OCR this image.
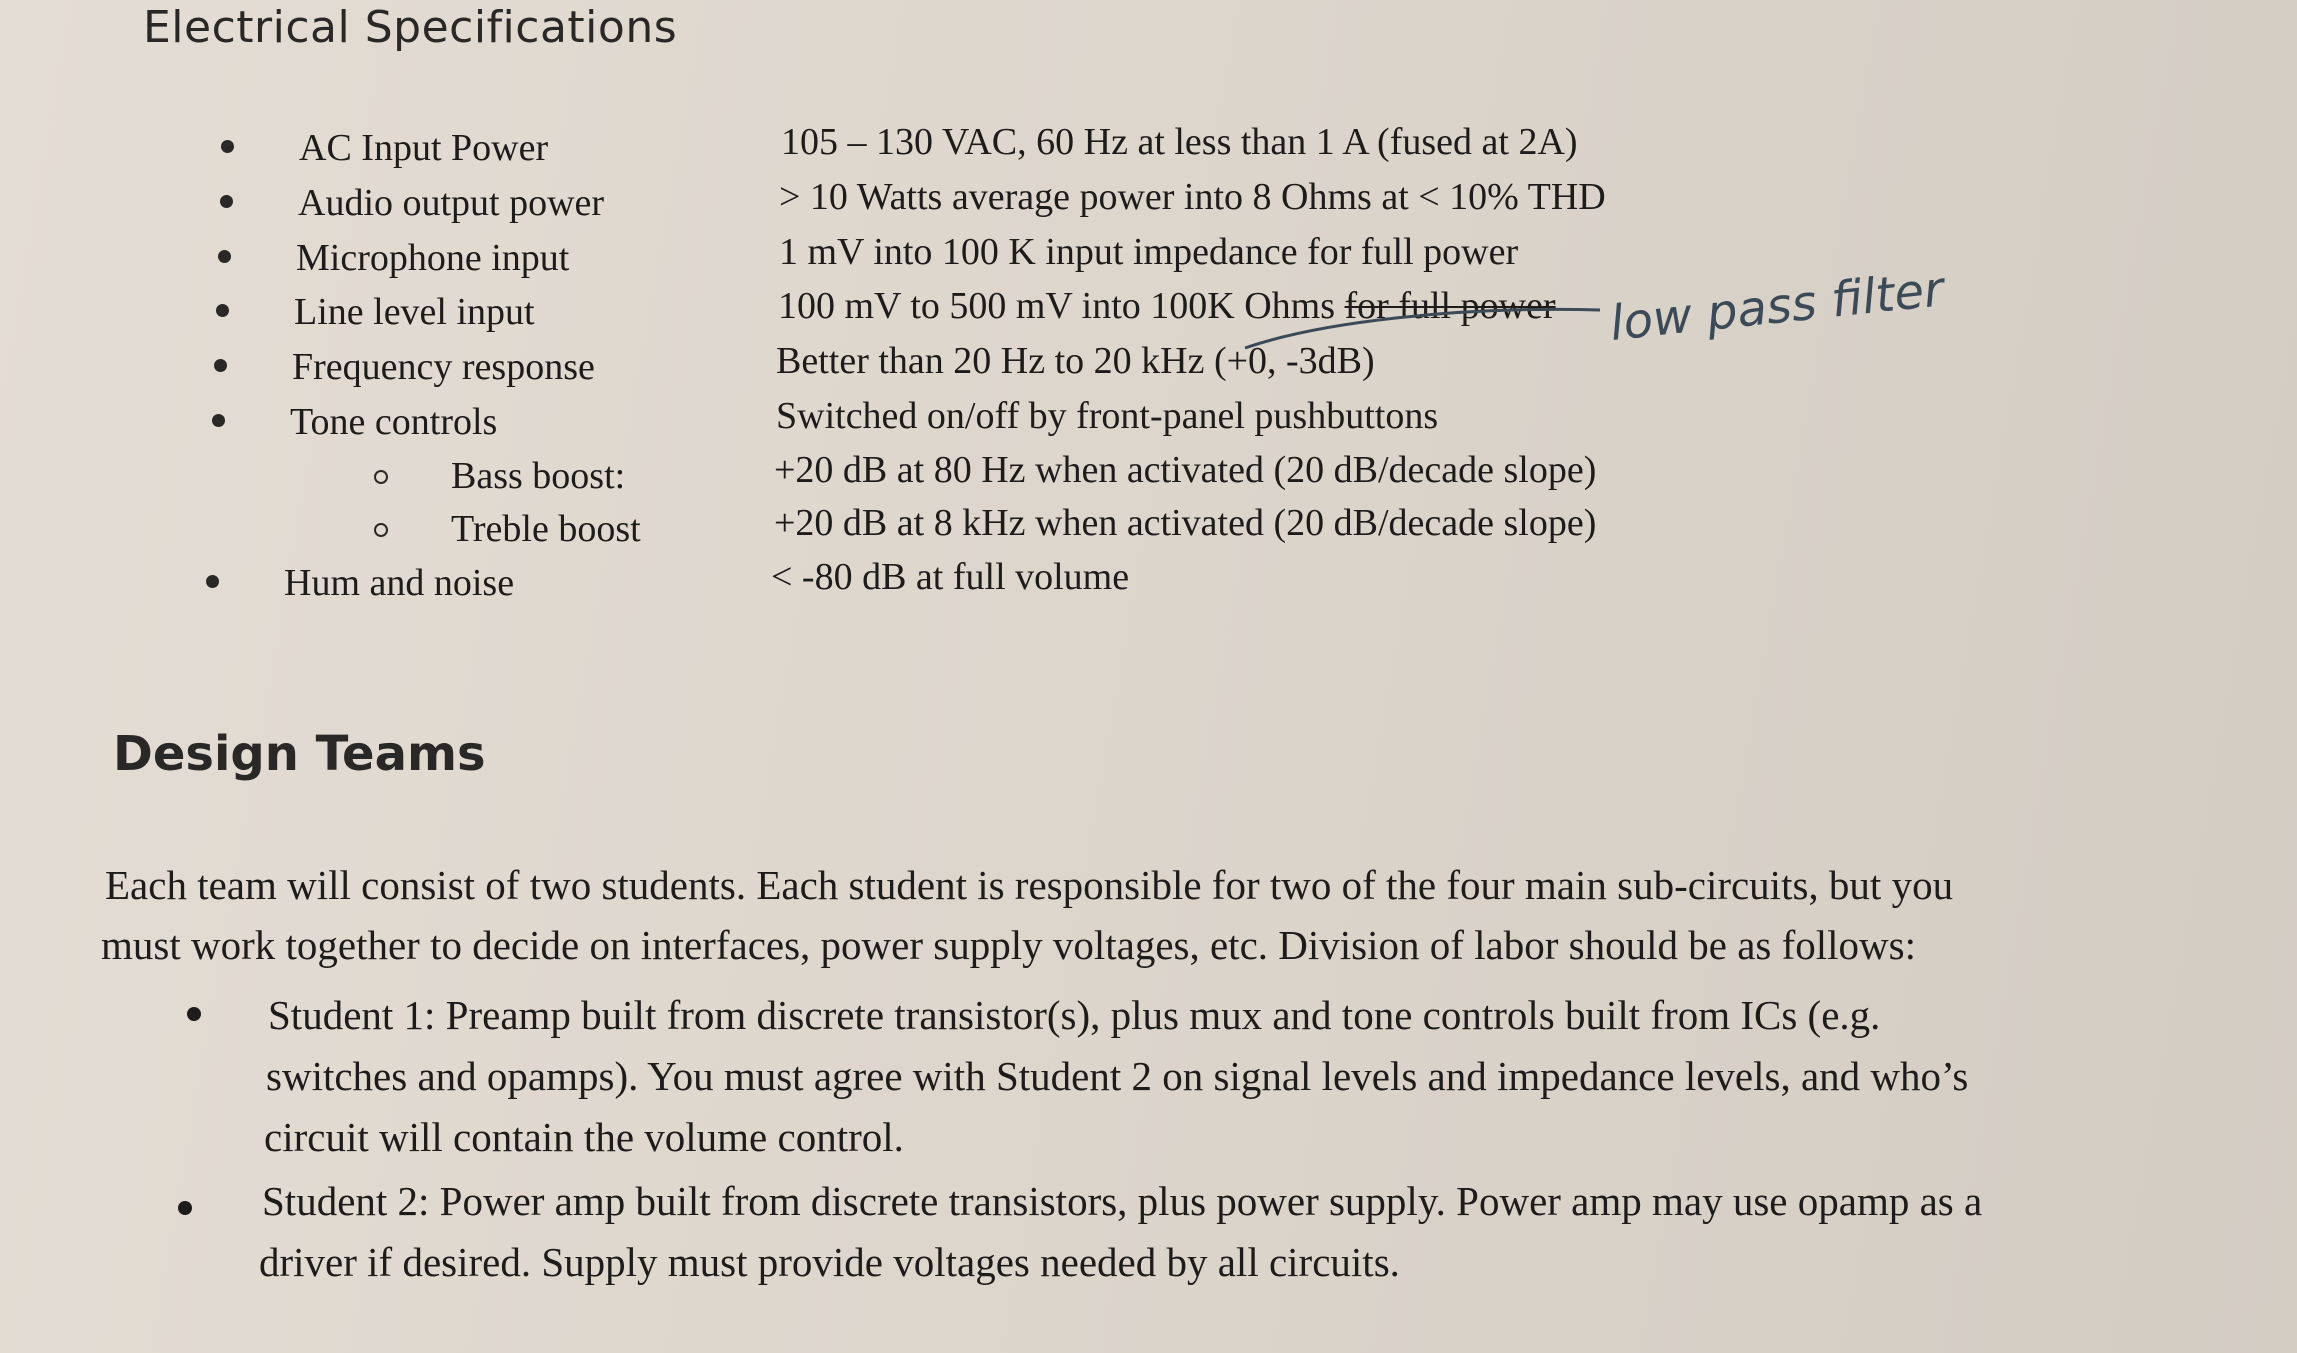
Electrical Specifications
AC Input Power	105 – 130 VAC, 60 Hz at less than 1 A (fused at 2A)
Audio output power	> 10 Watts average power into 8 Ohms at < 10% THD
Microphone input	1 mV into 100 K input impedance for full power
Line level input	100 mV to 500 mV into 100K Ohms for full power
Frequency response	Better than 20 Hz to 20 kHz (+0, -3dB)
Tone controls	Switched on/off by front-panel pushbuttons
Bass boost:	+20 dB at 80 Hz when activated (20 dB/decade slope)
Treble boost	+20 dB at 8 kHz when activated (20 dB/decade slope)
Hum and noise	< -80 dB at full volume
low pass filter
Design Teams
Each team will consist of two students. Each student is responsible for two of the four main sub-circuits, but you
must work together to decide on interfaces, power supply voltages, etc. Division of labor should be as follows:
Student 1: Preamp built from discrete transistor(s), plus mux and tone controls built from ICs (e.g.
switches and opamps). You must agree with Student 2 on signal levels and impedance levels, and who’s
circuit will contain the volume control.
Student 2: Power amp built from discrete transistors, plus power supply. Power amp may use opamp as a
driver if desired. Supply must provide voltages needed by all circuits.
